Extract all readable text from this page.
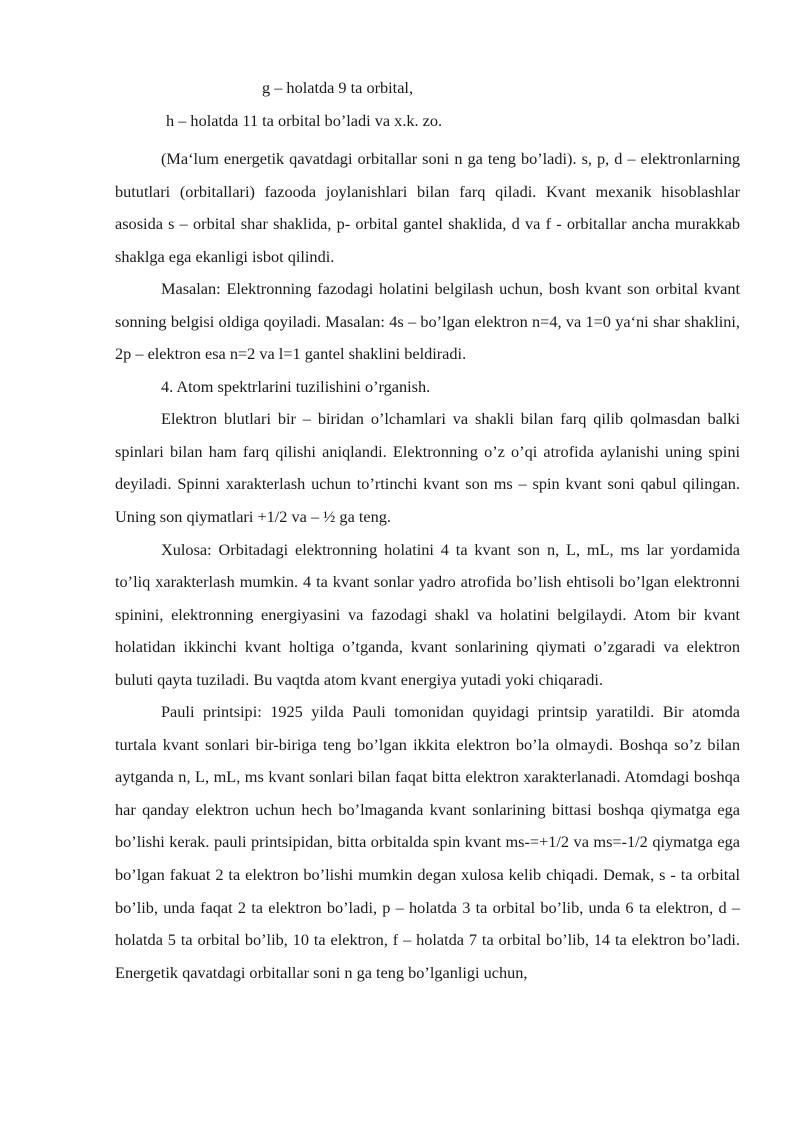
g – holatda 9 ta orbital,
h – holatda 11 ta orbital bo’ladi va x.k. zo.

(Ma‘lum energetik qavatdagi orbitallar soni n ga teng bo’ladi). s, p, d – elektronlarning bututlari (orbitallari) fazooda joylanishlari bilan farq qiladi. Kvant mexanik hisoblashlar asosida s – orbital shar shaklida, p- orbital gantel shaklida, d va f - orbitallar ancha murakkab shaklga ega ekanligi isbot qilindi.

Masalan: Elektronning fazodagi holatini belgilash uchun, bosh kvant son orbital kvant sonning belgisi oldiga qoyiladi. Masalan: 4s – bo’lgan elektron n=4, va 1=0 ya‘ni shar shaklini, 2p – elektron esa n=2 va l=1 gantel shaklini beldiradi.

4. Atom spektrlarini tuzilishini o’rganish.

Elektron blutlari bir – biridan o’lchamlari va shakli bilan farq qilib qolmasdan balki spinlari bilan ham farq qilishi aniqlandi. Elektronning o’z o’qi atrofida aylanishi uning spini deyiladi. Spinni xarakterlash uchun to’rtinchi kvant son ms – spin kvant soni qabul qilingan. Uning son qiymatlari +1/2 va – ½ ga teng.

Xulosa: Orbitadagi elektronning holatini 4 ta kvant son n, L, mL, ms lar yordamida to’liq xarakterlash mumkin. 4 ta kvant sonlar yadro atrofida bo’lish ehtisoli bo’lgan elektronni spinini, elektronning energiyasini va fazodagi shakl va holatini belgilaydi. Atom bir kvant holatidan ikkinchi kvant holtiga o’tganda, kvant sonlarining qiymati o’zgaradi va elektron buluti qayta tuziladi. Bu vaqtda atom kvant energiya yutadi yoki chiqaradi.

Pauli printsipi: 1925 yilda Pauli tomonidan quyidagi printsip yaratildi. Bir atomda turtala kvant sonlari bir-biriga teng bo’lgan ikkita elektron bo’la olmaydi. Boshqa so’z bilan aytganda n, L, mL, ms kvant sonlari bilan faqat bitta elektron xarakterlanadi. Atomdagi boshqa har qanday elektron uchun hech bo’lmaganda kvant sonlarining bittasi boshqa qiymatga ega bo’lishi kerak. pauli printsipidan, bitta orbitalda spin kvant ms-=+1/2 va ms=-1/2 qiymatga ega bo’lgan fakuat 2 ta elektron bo’lishi mumkin degan xulosa kelib chiqadi. Demak, s - ta orbital bo’lib, unda faqat 2 ta elektron bo’ladi, p – holatda 3 ta orbital bo’lib, unda 6 ta elektron, d – holatda 5 ta orbital bo’lib, 10 ta elektron, f – holatda 7 ta orbital bo’lib, 14 ta elektron bo’ladi. Energetik qavatdagi orbitallar soni n ga teng bo’lganligi uchun,
